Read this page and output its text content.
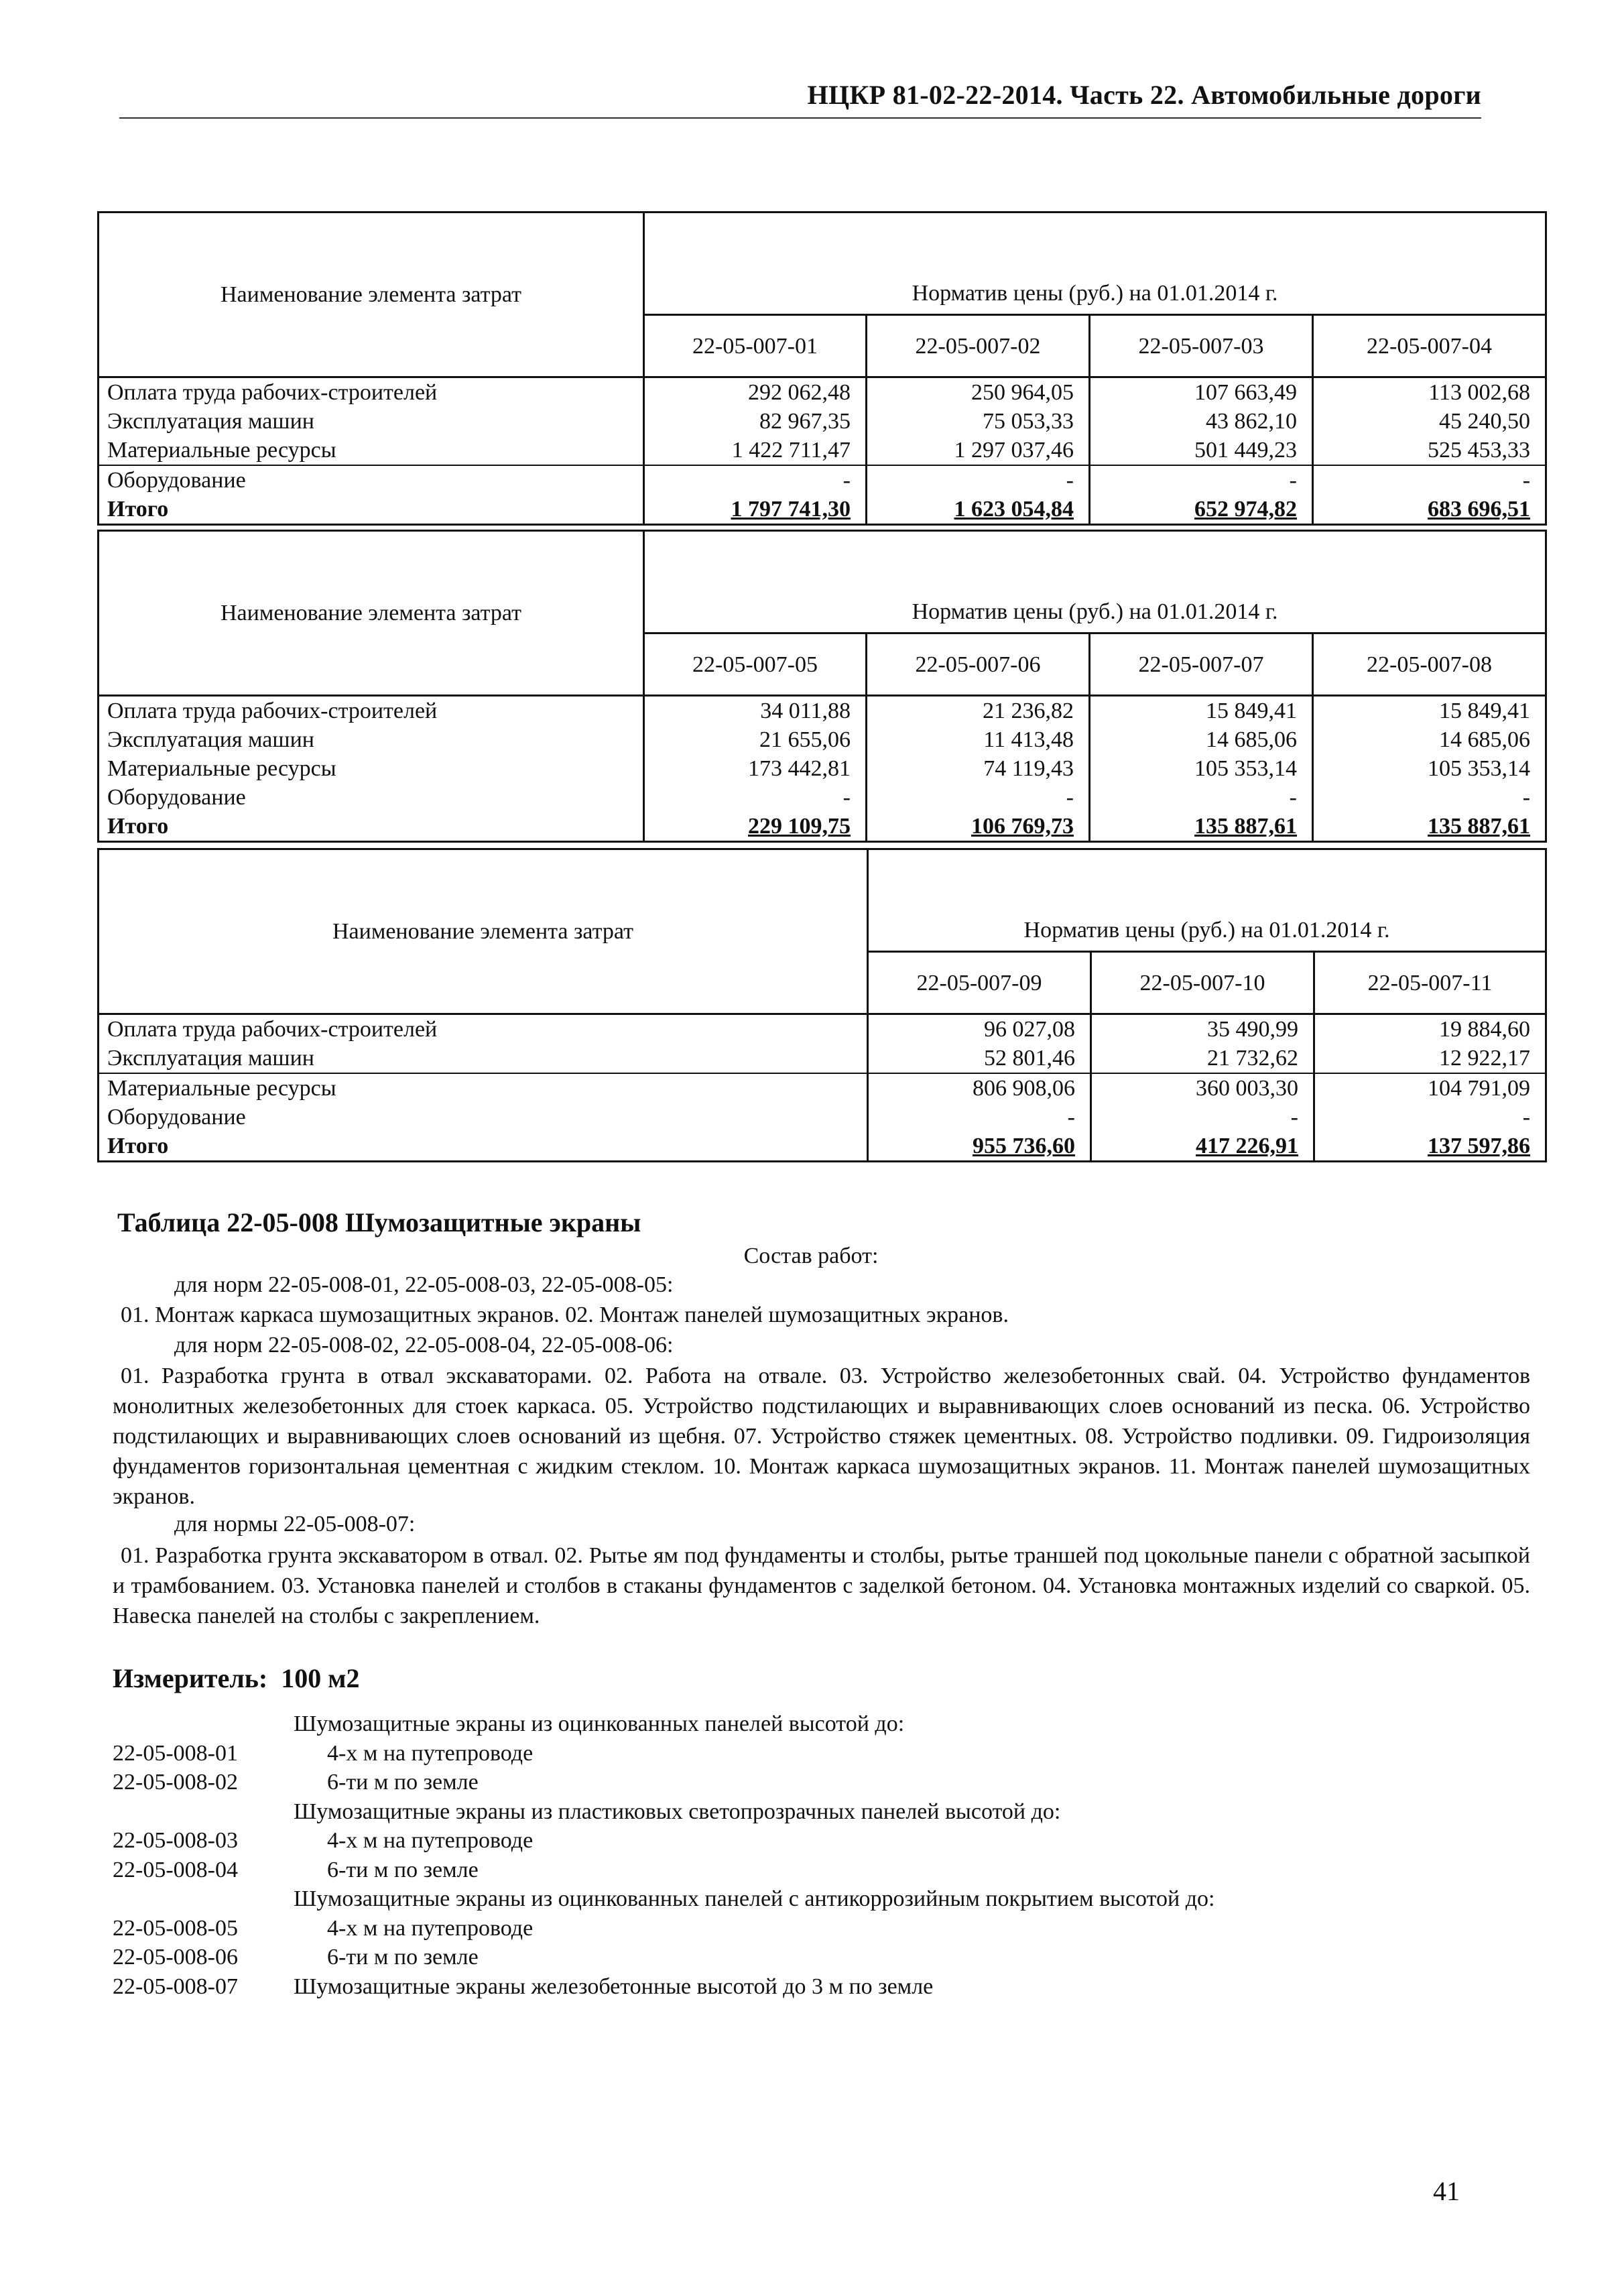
НЦКР 81-02-22-2014. Часть 22. Автомобильные дороги
Наименование элемента затрат	Норматив цены (руб.) на 01.01.2014 г.			
	22-05-007-01	22-05-007-02	22-05-007-03	22-05-007-04
Оплата труда рабочих-строителей	292 062,48	250 964,05	107 663,49	113 002,68
Эксплуатация машин	82 967,35	75 053,33	43 862,10	45 240,50
Материальные ресурсы	1 422 711,47	1 297 037,46	501 449,23	525 453,33
Оборудование	-	-	-	-
Итого	1 797 741,30	1 623 054,84	652 974,82	683 696,51
Наименование элемента затрат	Норматив цены (руб.) на 01.01.2014 г.			
	22-05-007-05	22-05-007-06	22-05-007-07	22-05-007-08
Оплата труда рабочих-строителей	34 011,88	21 236,82	15 849,41	15 849,41
Эксплуатация машин	21 655,06	11 413,48	14 685,06	14 685,06
Материальные ресурсы	173 442,81	74 119,43	105 353,14	105 353,14
Оборудование	-	-	-	-
Итого	229 109,75	106 769,73	135 887,61	135 887,61
Наименование элемента затрат	Норматив цены (руб.) на 01.01.2014 г.		
	22-05-007-09	22-05-007-10	22-05-007-11
Оплата труда рабочих-строителей	96 027,08	35 490,99	19 884,60
Эксплуатация машин	52 801,46	21 732,62	12 922,17
Материальные ресурсы	806 908,06	360 003,30	104 791,09
Оборудование	-	-	-
Итого	955 736,60	417 226,91	137 597,86
Таблица 22-05-008 Шумозащитные экраны
Состав работ:
для норм 22-05-008-01, 22-05-008-03, 22-05-008-05:
01. Монтаж каркаса шумозащитных экранов. 02. Монтаж панелей шумозащитных экранов.
для норм 22-05-008-02, 22-05-008-04, 22-05-008-06:
01. Разработка грунта в отвал экскаваторами. 02. Работа на отвале. 03. Устройство железобетонных свай. 04. Устройство фундаментов монолитных железобетонных для стоек каркаса. 05. Устройство подстилающих и выравнивающих слоев оснований из песка. 06. Устройство подстилающих и выравнивающих слоев оснований из щебня. 07. Устройство стяжек цементных. 08. Устройство подливки. 09. Гидроизоляция фундаментов горизонтальная цементная с жидким стеклом. 10. Монтаж каркаса шумозащитных экранов. 11. Монтаж панелей шумозащитных экранов.
для нормы 22-05-008-07:
01. Разработка грунта экскаватором в отвал. 02. Рытье ям под фундаменты и столбы, рытье траншей под цокольные панели с обратной засыпкой и трамбованием. 03. Установка панелей и столбов в стаканы фундаментов с заделкой бетоном. 04. Установка монтажных изделий со сваркой. 05. Навеска панелей на столбы с закреплением.
Измеритель: 100 м2
Шумозащитные экраны из оцинкованных панелей высотой до:
22-05-008-01	4-х м на путепроводе
22-05-008-02	6-ти м по земле
Шумозащитные экраны из пластиковых светопрозрачных панелей высотой до:
22-05-008-03	4-х м на путепроводе
22-05-008-04	6-ти м по земле
Шумозащитные экраны из оцинкованных панелей с антикоррозийным покрытием высотой до:
22-05-008-05	4-х м на путепроводе
22-05-008-06	6-ти м по земле
22-05-008-07	Шумозащитные экраны железобетонные высотой до 3 м по земле
41
